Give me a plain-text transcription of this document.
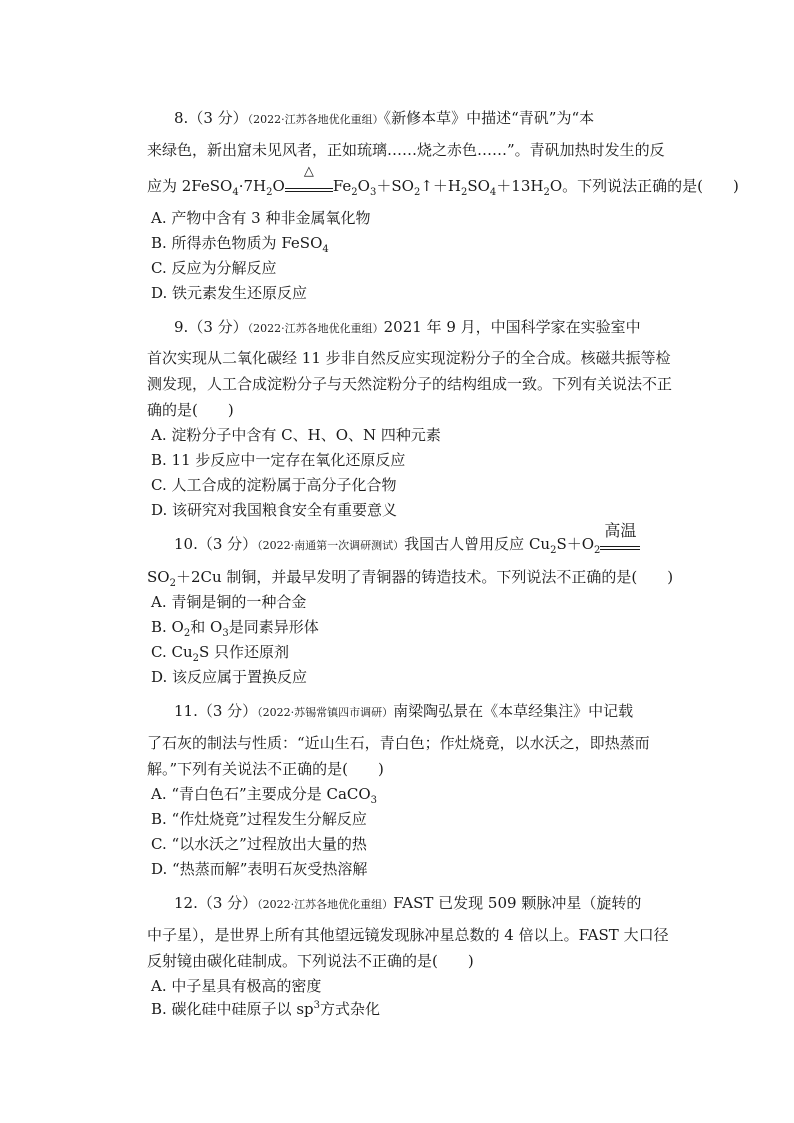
8.（3 分）（2022·江苏各地优化重组）《新修本草》中描述“青矾”为“本
来绿色，新出窟未见风者，正如琉璃……烧之赤色……”。青矾加热时发生的反
应为 $2FeSO_4\cdot 7H_2O$
△
$Fe_2O_3+SO_2↑+H_2SO_4+13H_2O$。下列说法正确的是(　　)
A. 产物中含有 3 种非金属氧化物
B. 所得赤色物质为 FeSO$_4$
C. 反应为分解反应
D. 铁元素发生还原反应
9.（3 分）（2022·江苏各地优化重组）2021 年 9 月，中国科学家在实验室中
首次实现从二氧化碳经 11 步非自然反应实现淀粉分子的全合成。核磁共振等检
测发现，人工合成淀粉分子与天然淀粉分子的结构组成一致。下列有关说法不正
确的是(　　)
A. 淀粉分子中含有 C、H、O、N 四种元素
B. 11 步反应中一定存在氧化还原反应
C. 人工合成的淀粉属于高分子化合物
D. 该研究对我国粮食安全有重要意义
10.（3 分）（2022·南通第一次调研测试）我国古人曾用反应 $Cu_2S+O_2$
高温
$SO_2+2Cu$ 制铜，并最早发明了青铜器的铸造技术。下列说法不正确的是(　　)
A. 青铜是铜的一种合金
B. $O_2$和 $O_3$是同素异形体
C. $Cu_2S$ 只作还原剂
D. 该反应属于置换反应
11.（3 分）（2022·苏锡常镇四市调研）南梁陶弘景在《本草经集注》中记载
了石灰的制法与性质：“近山生石，青白色；作灶烧竟，以水沃之，即热蒸而
解。”下列有关说法不正确的是(　　)
A. “青白色石”主要成分是 CaCO$_3$
B. “作灶烧竟”过程发生分解反应
C. “以水沃之”过程放出大量的热
D. “热蒸而解”表明石灰受热溶解
12.（3 分）（2022·江苏各地优化重组）FAST 已发现 509 颗脉冲星（旋转的
中子星），是世界上所有其他望远镜发现脉冲星总数的 4 倍以上。FAST 大口径
反射镜由碳化硅制成。下列说法不正确的是(　　)
A. 中子星具有极高的密度
B. 碳化硅中硅原子以 $sp^3$方式杂化
